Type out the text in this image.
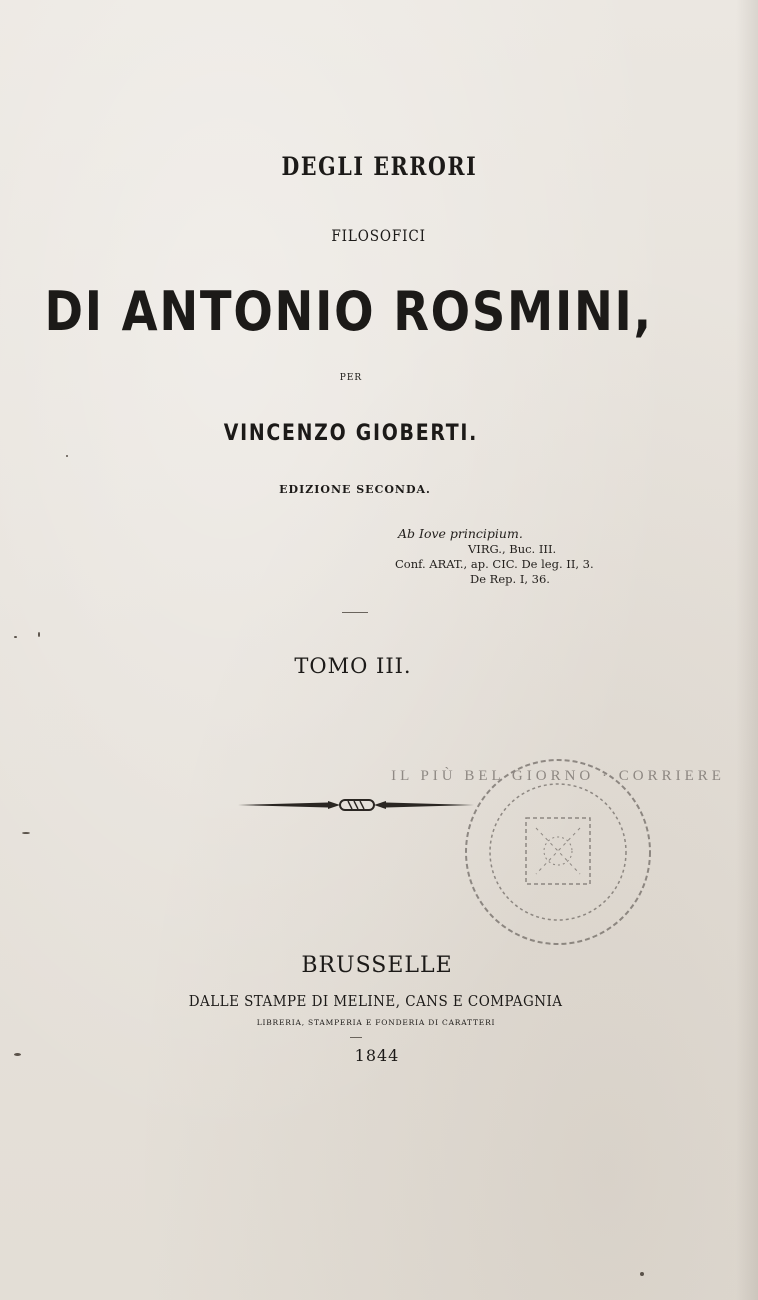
DEGLI ERRORI
FILOSOFICI
DI ANTONIO ROSMINI,
PER
VINCENZO GIOBERTI.
EDIZIONE SECONDA.
Ab Iove principium.
VIRG., Buc. III.
Conf. ARAT., ap. CIC. De leg. II, 3.
De Rep. I, 36.
TOMO III.
IL PIÙ BEL GIORNO · CORRIERE
BRUSSELLE
DALLE STAMPE DI MELINE, CANS E COMPAGNIA
LIBRERIA, STAMPERIA E FONDERIA DI CARATTERI
1844
